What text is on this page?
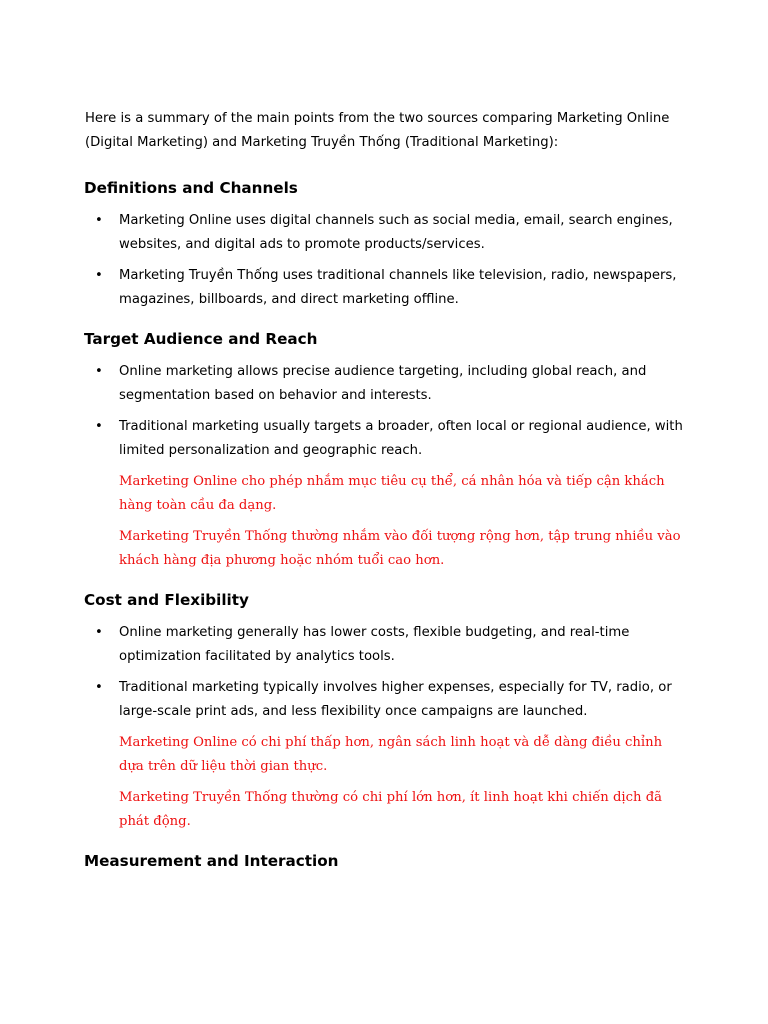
Here is a summary of the main points from the two sources comparing Marketing Online (Digital Marketing) and Marketing Truyền Thống (Traditional Marketing):

Definitions and Channels
• Marketing Online uses digital channels such as social media, email, search engines, websites, and digital ads to promote products/services.
• Marketing Truyền Thống uses traditional channels like television, radio, newspapers, magazines, billboards, and direct marketing offline.
Target Audience and Reach
• Online marketing allows precise audience targeting, including global reach, and segmentation based on behavior and interests.
• Traditional marketing usually targets a broader, often local or regional audience, with limited personalization and geographic reach.

Marketing Online cho phép nhắm mục tiêu cụ thể, cá nhân hóa và tiếp cận khách hàng toàn cầu đa dạng.

Marketing Truyền Thống thường nhắm vào đối tượng rộng hơn, tập trung nhiều vào khách hàng địa phương hoặc nhóm tuổi cao hơn.

Cost and Flexibility
• Online marketing generally has lower costs, flexible budgeting, and real-time optimization facilitated by analytics tools.
• Traditional marketing typically involves higher expenses, especially for TV, radio, or large-scale print ads, and less flexibility once campaigns are launched.

Marketing Online có chi phí thấp hơn, ngân sách linh hoạt và dễ dàng điều chỉnh dựa trên dữ liệu thời gian thực.

Marketing Truyền Thống thường có chi phí lớn hơn, ít linh hoạt khi chiến dịch đã phát động.

Measurement and Interaction
